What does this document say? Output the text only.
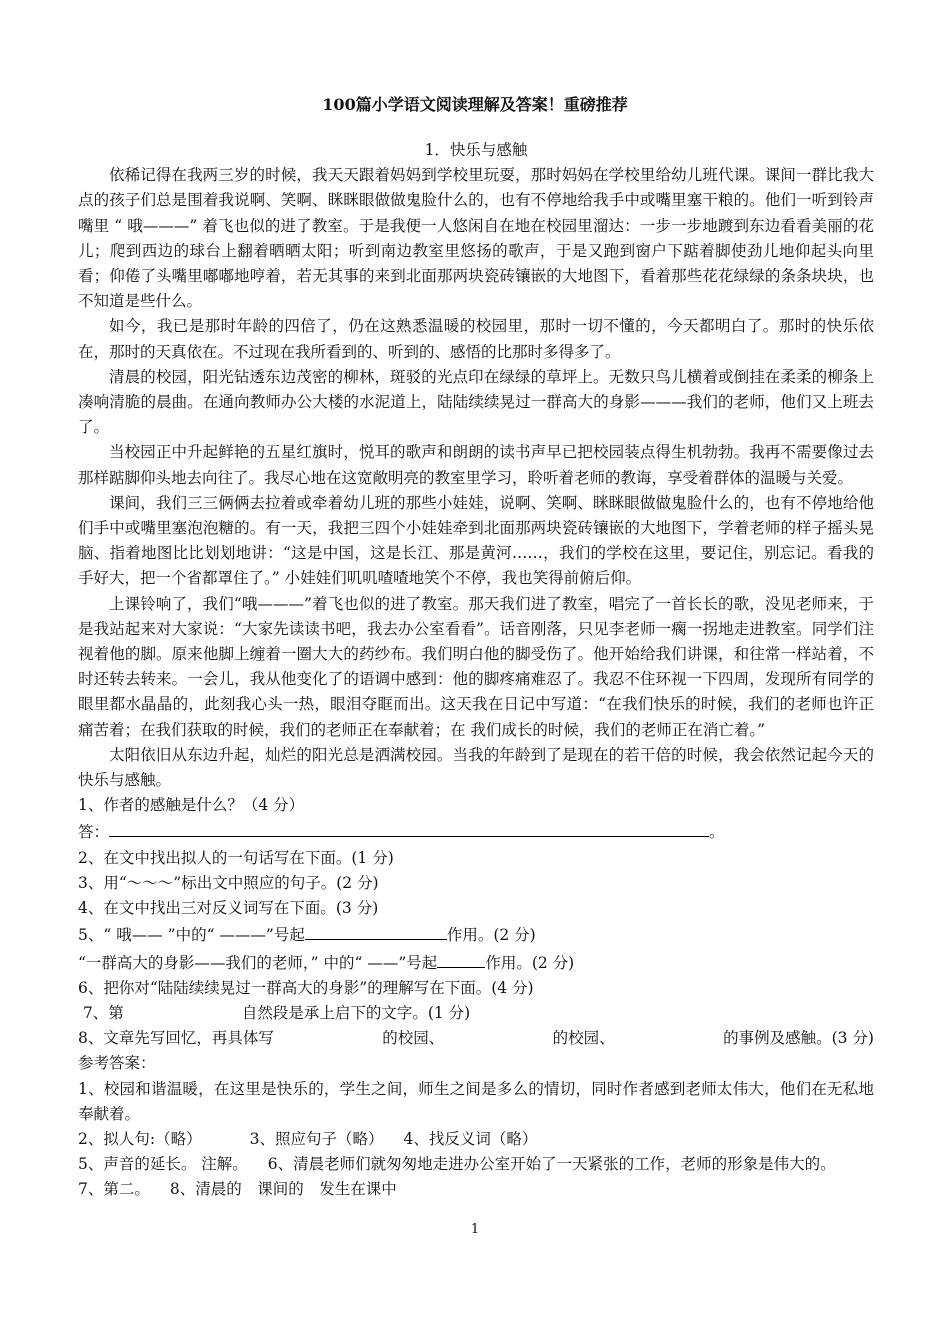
100篇小学语文阅读理解及答案！重磅推荐

1．快乐与感触

依稀记得在我两三岁的时候，我天天跟着妈妈到学校里玩耍，那时妈妈在学校里给幼儿班代课。课间一群比我大点的孩子们总是围着我说啊、笑啊、眯眯眼做做鬼脸什么的，也有不停地给我手中或嘴里塞干粮的。他们一听到铃声嘴里 “ 哦———” 着飞也似的进了教室。于是我便一人悠闲自在地在校园里溜达：一步一步地踱到东边看看美丽的花儿；爬到西边的球台上翻着晒晒太阳；听到南边教室里悠扬的歌声，于是又跑到窗户下踮着脚使劲儿地仰起头向里看；仰倦了头嘴里嘟嘟地哼着，若无其事的来到北面那两块瓷砖镶嵌的大地图下，看着那些花花绿绿的条条块块，也不知道是些什么。

如今，我已是那时年龄的四倍了，仍在这熟悉温暖的校园里，那时一切不懂的，今天都明白了。那时的快乐依在，那时的天真依在。不过现在我所看到的、听到的、感悟的比那时多得多了。

清晨的校园，阳光钻透东边茂密的柳林，斑驳的光点印在绿绿的草坪上。无数只鸟儿横着或倒挂在柔柔的柳条上凑响清脆的晨曲。在通向教师办公大楼的水泥道上，陆陆续续晃过一群高大的身影———我们的老师，他们又上班去了。

当校园正中升起鲜艳的五星红旗时，悦耳的歌声和朗朗的读书声早已把校园装点得生机勃勃。我再不需要像过去那样踮脚仰头地去向往了。我尽心地在这宽敞明亮的教室里学习，聆听着老师的教诲，享受着群体的温暖与关爱。

课间，我们三三俩俩去拉着或牵着幼儿班的那些小娃娃，说啊、笑啊、眯眯眼做做鬼脸什么的，也有不停地给他们手中或嘴里塞泡泡糖的。有一天，我把三四个小娃娃牵到北面那两块瓷砖镶嵌的大地图下，学着老师的样子摇头晃脑、指着地图比比划划地讲：“这是中国，这是长江、那是黄河……，我们的学校在这里，要记住，别忘记。看我的手好大，把一个省都罩住了。” 小娃娃们叽叽喳喳地笑个不停，我也笑得前俯后仰。

上课铃响了，我们“哦———”着飞也似的进了教室。那天我们进了教室，唱完了一首长长的歌，没见老师来，于是我站起来对大家说：“大家先读读书吧，我去办公室看看”。话音刚落，只见李老师一瘸一拐地走进教室。同学们注视着他的脚。原来他脚上缠着一圈大大的药纱布。我们明白他的脚受伤了。他开始给我们讲课，和往常一样站着，不时还转去转来。一会儿，我从他变化了的语调中感到：他的脚疼痛难忍了。我忍不住环视一下四周，发现所有同学的眼里都水晶晶的，此刻我心头一热，眼泪夺眶而出。这天我在日记中写道：“在我们快乐的时候，我们的老师也许正痛苦着；在我们获取的时候，我们的老师正在奉献着；在 我们成长的时候，我们的老师正在消亡着。”

太阳依旧从东边升起，灿烂的阳光总是洒满校园。当我的年龄到了是现在的若干倍的时候，我会依然记起今天的快乐与感触。

1、作者的感触是什么？（4 分）

答：	。

2、在文中找出拟人的一句话写在下面。(1 分)

3、用“～～～”标出文中照应的句子。(2 分)

4、在文中找出三对反义词写在下面。(3 分)

5、“ 哦—— ”中的“ ———”号起	作用。(2 分)

“一群高大的身影——我们的老师，” 中的“ ——”号起	作用。(2 分)

6、把你对“陆陆续续晃过一群高大的身影”的理解写在下面。(4 分)

7、第	自然段是承上启下的文字。(1 分)

8、文章先写回忆，再具体写	的校园、	的校园、	的事例及感触。(3 分)

参考答案：

1、校园和谐温暖，在这里是快乐的，学生之间，师生之间是多么的情切，同时作者感到老师太伟大，他们在无私地奉献着。

2、拟人句:（略）	3、照应句子（略） 4、找反义词（略）

5、声音的延长。 注解。 6、清晨老师们就匆匆地走进办公室开始了一天紧张的工作，老师的形象是伟大的。

7、第二。 8、清晨的　课间的　发生在课中

1
